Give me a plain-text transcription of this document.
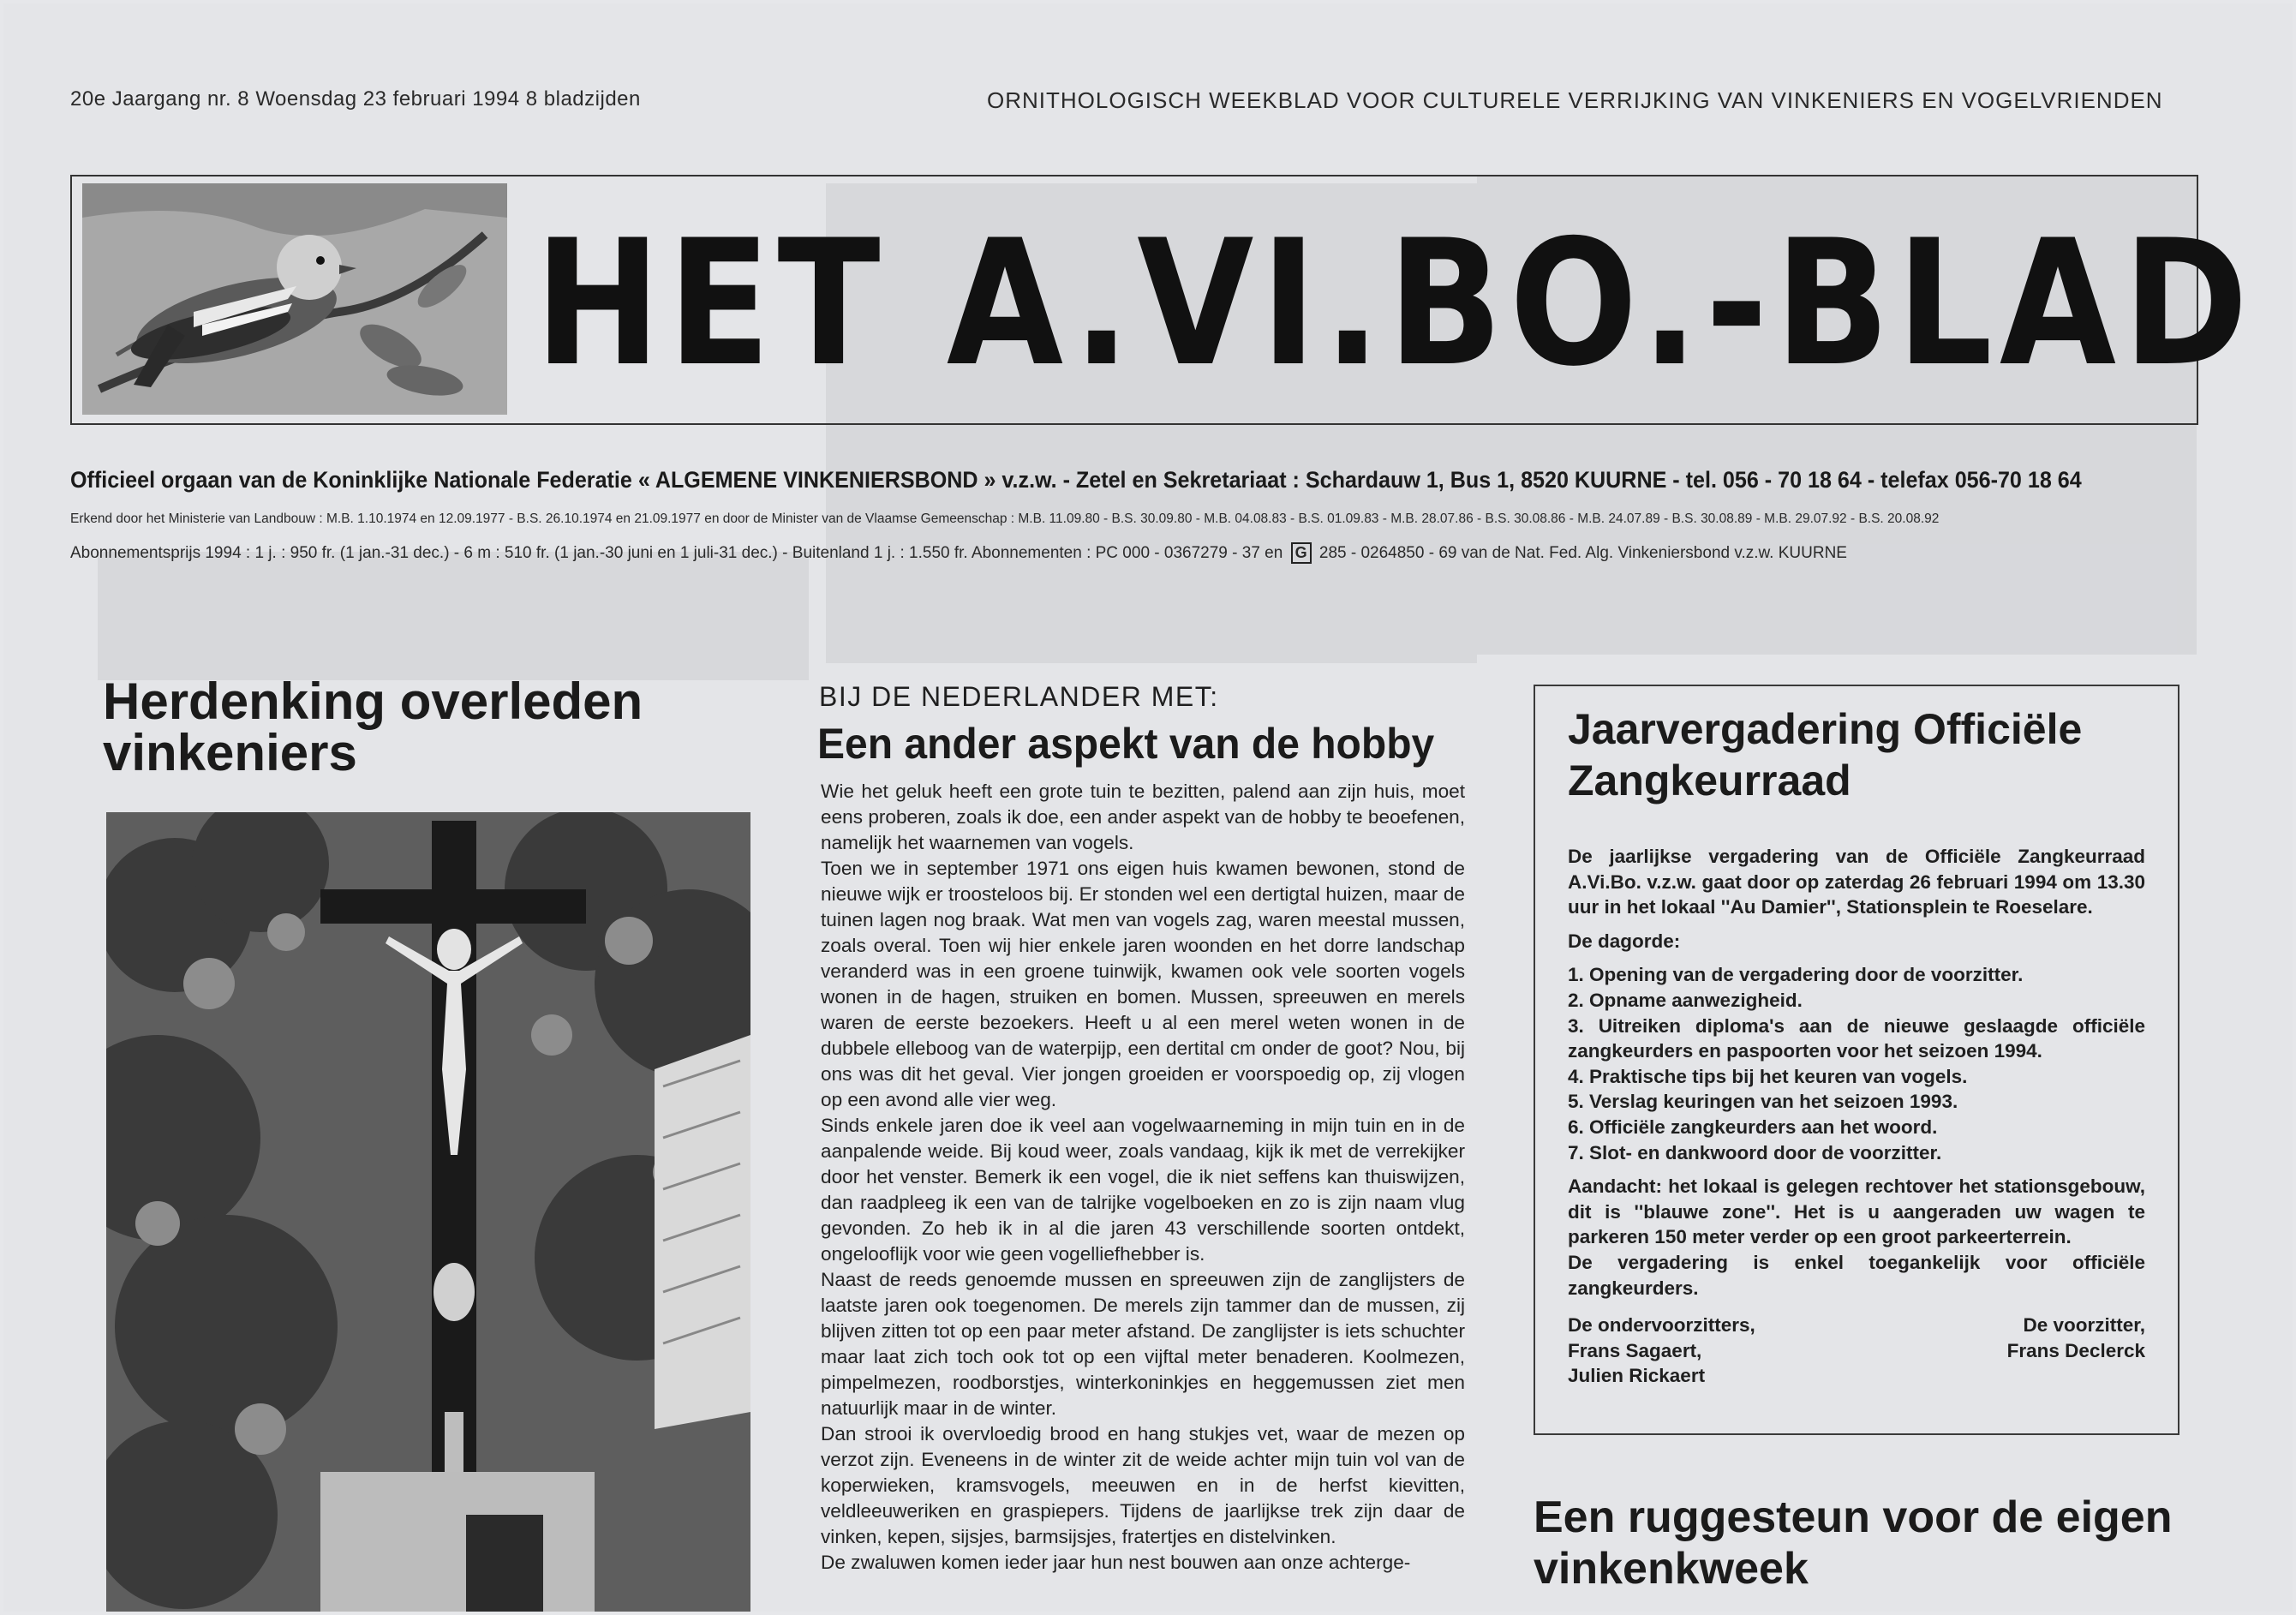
20e Jaargang nr. 8 Woensdag 23 februari 1994 8 bladzijden	ORNITHOLOGISCH WEEKBLAD VOOR CULTURELE VERRIJKING VAN VINKENIERS EN VOGELVRIENDEN
HET A.VI.BO.-BLAD
Officieel orgaan van de Koninklijke Nationale Federatie « ALGEMENE VINKENIERSBOND » v.z.w. - Zetel en Sekretariaat : Schardauw 1, Bus 1, 8520 KUURNE - tel. 056 - 70 18 64 - telefax 056-70 18 64
Erkend door het Ministerie van Landbouw : M.B. 1.10.1974 en 12.09.1977 - B.S. 26.10.1974 en 21.09.1977 en door de Minister van de Vlaamse Gemeenschap : M.B. 11.09.80 - B.S. 30.09.80 - M.B. 04.08.83 - B.S. 01.09.83 - M.B. 28.07.86 - B.S. 30.08.86 - M.B. 24.07.89 - B.S. 30.08.89 - M.B. 29.07.92 - B.S. 20.08.92
Abonnementsprijs 1994 : 1 j. : 950 fr. (1 jan.-31 dec.) - 6 m : 510 fr. (1 jan.-30 juni en 1 juli-31 dec.) - Buitenland 1 j. : 1.550 fr. Abonnementen : PC 000 - 0367279 - 37 en G 285 - 0264850 - 69 van de Nat. Fed. Alg. Vinkeniersbond v.z.w. KUURNE
Herdenking overleden vinkeniers
BIJ DE NEDERLANDER MET:
Een ander aspekt van de hobby

Wie het geluk heeft een grote tuin te bezitten, palend aan zijn huis, moet eens proberen, zoals ik doe, een ander aspekt van de hobby te beoefenen, namelijk het waarnemen van vogels.

Toen we in september 1971 ons eigen huis kwamen bewonen, stond de nieuwe wijk er troosteloos bij. Er stonden wel een dertigtal huizen, maar de tuinen lagen nog braak. Wat men van vogels zag, waren meestal mussen, zoals overal. Toen wij hier enkele jaren woonden en het dorre landschap veranderd was in een groene tuinwijk, kwamen ook vele soorten vogels wonen in de hagen, struiken en bomen. Mussen, spreeuwen en merels waren de eerste bezoekers. Heeft u al een merel weten wonen in de dubbele elleboog van de waterpijp, een dertital cm onder de goot? Nou, bij ons was dit het geval. Vier jongen groeiden er voorspoedig op, zij vlogen op een avond alle vier weg.

Sinds enkele jaren doe ik veel aan vogelwaarneming in mijn tuin en in de aanpalende weide. Bij koud weer, zoals vandaag, kijk ik met de verrekijker door het venster. Bemerk ik een vogel, die ik niet seffens kan thuiswijzen, dan raadpleeg ik een van de talrijke vogelboeken en zo is zijn naam vlug gevonden. Zo heb ik in al die jaren 43 verschillende soorten ontdekt, ongelooflijk voor wie geen vogelliefhebber is.

Naast de reeds genoemde mussen en spreeuwen zijn de zanglijsters de laatste jaren ook toegenomen. De merels zijn tammer dan de mussen, zij blijven zitten tot op een paar meter afstand. De zanglijster is iets schuchter maar laat zich toch ook tot op een vijftal meter benaderen. Koolmezen, pimpelmezen, roodborstjes, winterkoninkjes en heggemussen ziet men natuurlijk maar in de winter.

Dan strooi ik overvloedig brood en hang stukjes vet, waar de mezen op verzot zijn. Eveneens in de winter zit de weide achter mijn tuin vol van de koperwieken, kramsvogels, meeuwen en in de herfst kievitten, veldleeuweriken en graspiepers. Tijdens de jaarlijkse trek zijn daar de vinken, kepen, sijsjes, barmsijsjes, fratertjes en distelvinken.

De zwaluwen komen ieder jaar hun nest bouwen aan onze achterge-

Jaarvergadering Officiële Zangkeurraad
De jaarlijkse vergadering van de Officiële Zangkeurraad A.Vi.Bo. v.z.w. gaat door op zaterdag 26 februari 1994 om 13.30 uur in het lokaal ''Au Damier'', Stationsplein te Roeselare.
De dagorde:
1. Opening van de vergadering door de voorzitter.
2. Opname aanwezigheid.
3. Uitreiken diploma's aan de nieuwe geslaagde officiële zangkeurders en paspoorten voor het seizoen 1994.
4. Praktische tips bij het keuren van vogels.
5. Verslag keuringen van het seizoen 1993.
6. Officiële zangkeurders aan het woord.
7. Slot- en dankwoord door de voorzitter.
Aandacht: het lokaal is gelegen rechtover het stationsgebouw, dit is ''blauwe zone''. Het is u aangeraden uw wagen te parkeren 150 meter verder op een groot parkeerterrein.
De vergadering is enkel toegankelijk voor officiële zangkeurders.
De ondervoorzitters,
Frans Sagaert,
Julien Rickaert
De voorzitter,
Frans Declerck
Een ruggesteun voor de eigen vinkenkweek
